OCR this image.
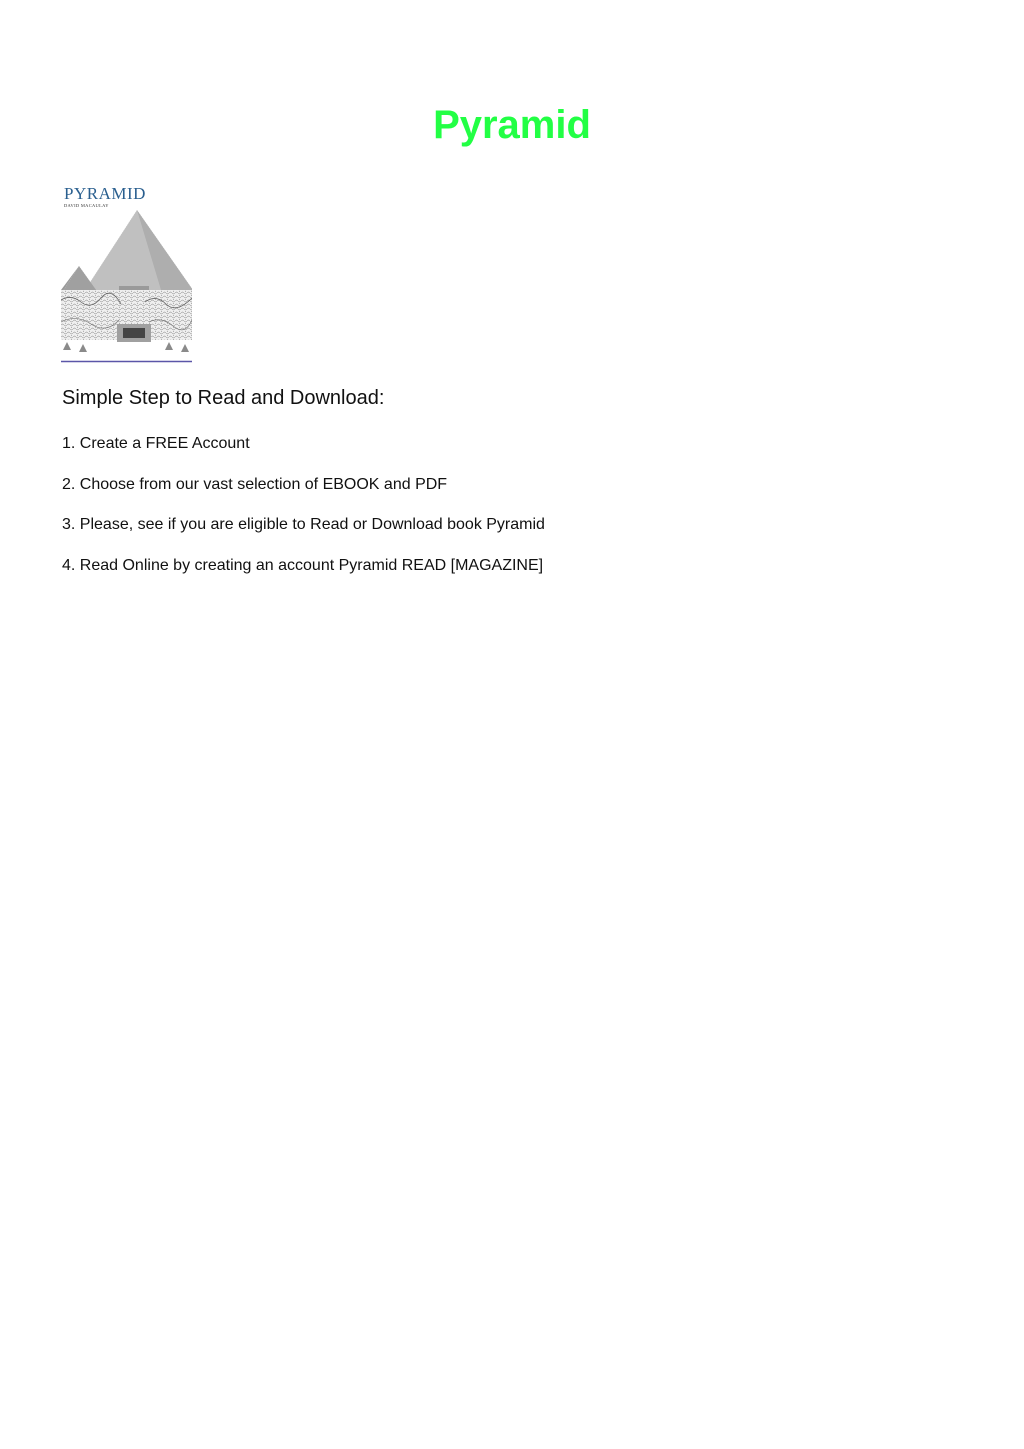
Pyramid
PYRAMID
DAVID MACAULAY
Simple Step to Read and Download:
1. Create a FREE Account
2. Choose from our vast selection of EBOOK and PDF
3. Please, see if you are eligible to Read or Download book Pyramid
4. Read Online by creating an account Pyramid READ [MAGAZINE]
